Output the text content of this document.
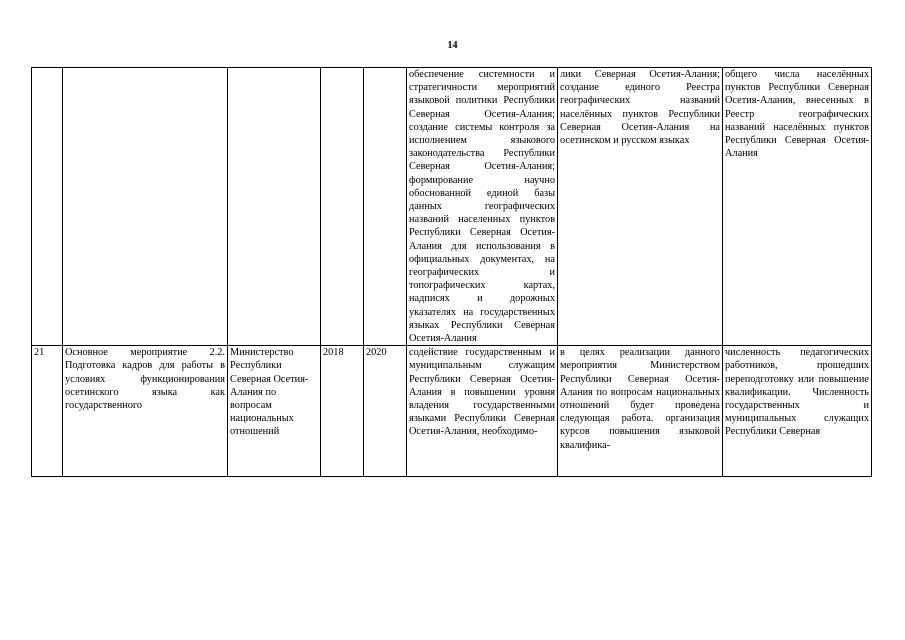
14
					обеспечение системности и стратегичности мероприятий языковой политики Республики Северная Осетия-Алания; создание системы контроля за исполнением языкового законодательства Республики Северная Осетия-Алания; формирование научно обоснованной единой базы данных географических названий населенных пунктов Республики Северная Осетия-Алания для использования в официальных документах, на географических и топографических картах, надписях и дорожных указателях на государственных языках Республики Северная Осетия-Алания	лики Северная Осетия-Алания; создание единого Реестра географических названий населённых пунктов Республики Северная Осетия-Алания на осетинском и русском языках	общего числа населённых пунктов Республики Северная Осетия-Алания, внесенных в Реестр географических названий населённых пунктов Республики Северная Осетия-Алания
21	Основное мероприятие 2.2. Подготовка кадров для работы в условиях функционирования осетинского языка как государственного	Министерство Республики Северная Осетия-Алания по вопросам национальных отношений	2018	2020	содействие государственным и муниципальным служащим Республики Северная Осетия-Алания в повышении уровня владения государственными языками Республики Северная Осетия-Алания, необходимо-	в целях реализации данного мероприятия Министерством Республики Северная Осетия-Алания по вопросам национальных отношений будет проведена следующая работа. организация курсов повышения языковой квалифика-	численность педагогических работников, прошедших переподготовку или повышение квалификации. Численность государственных и муниципальных служащих Республики Северная
